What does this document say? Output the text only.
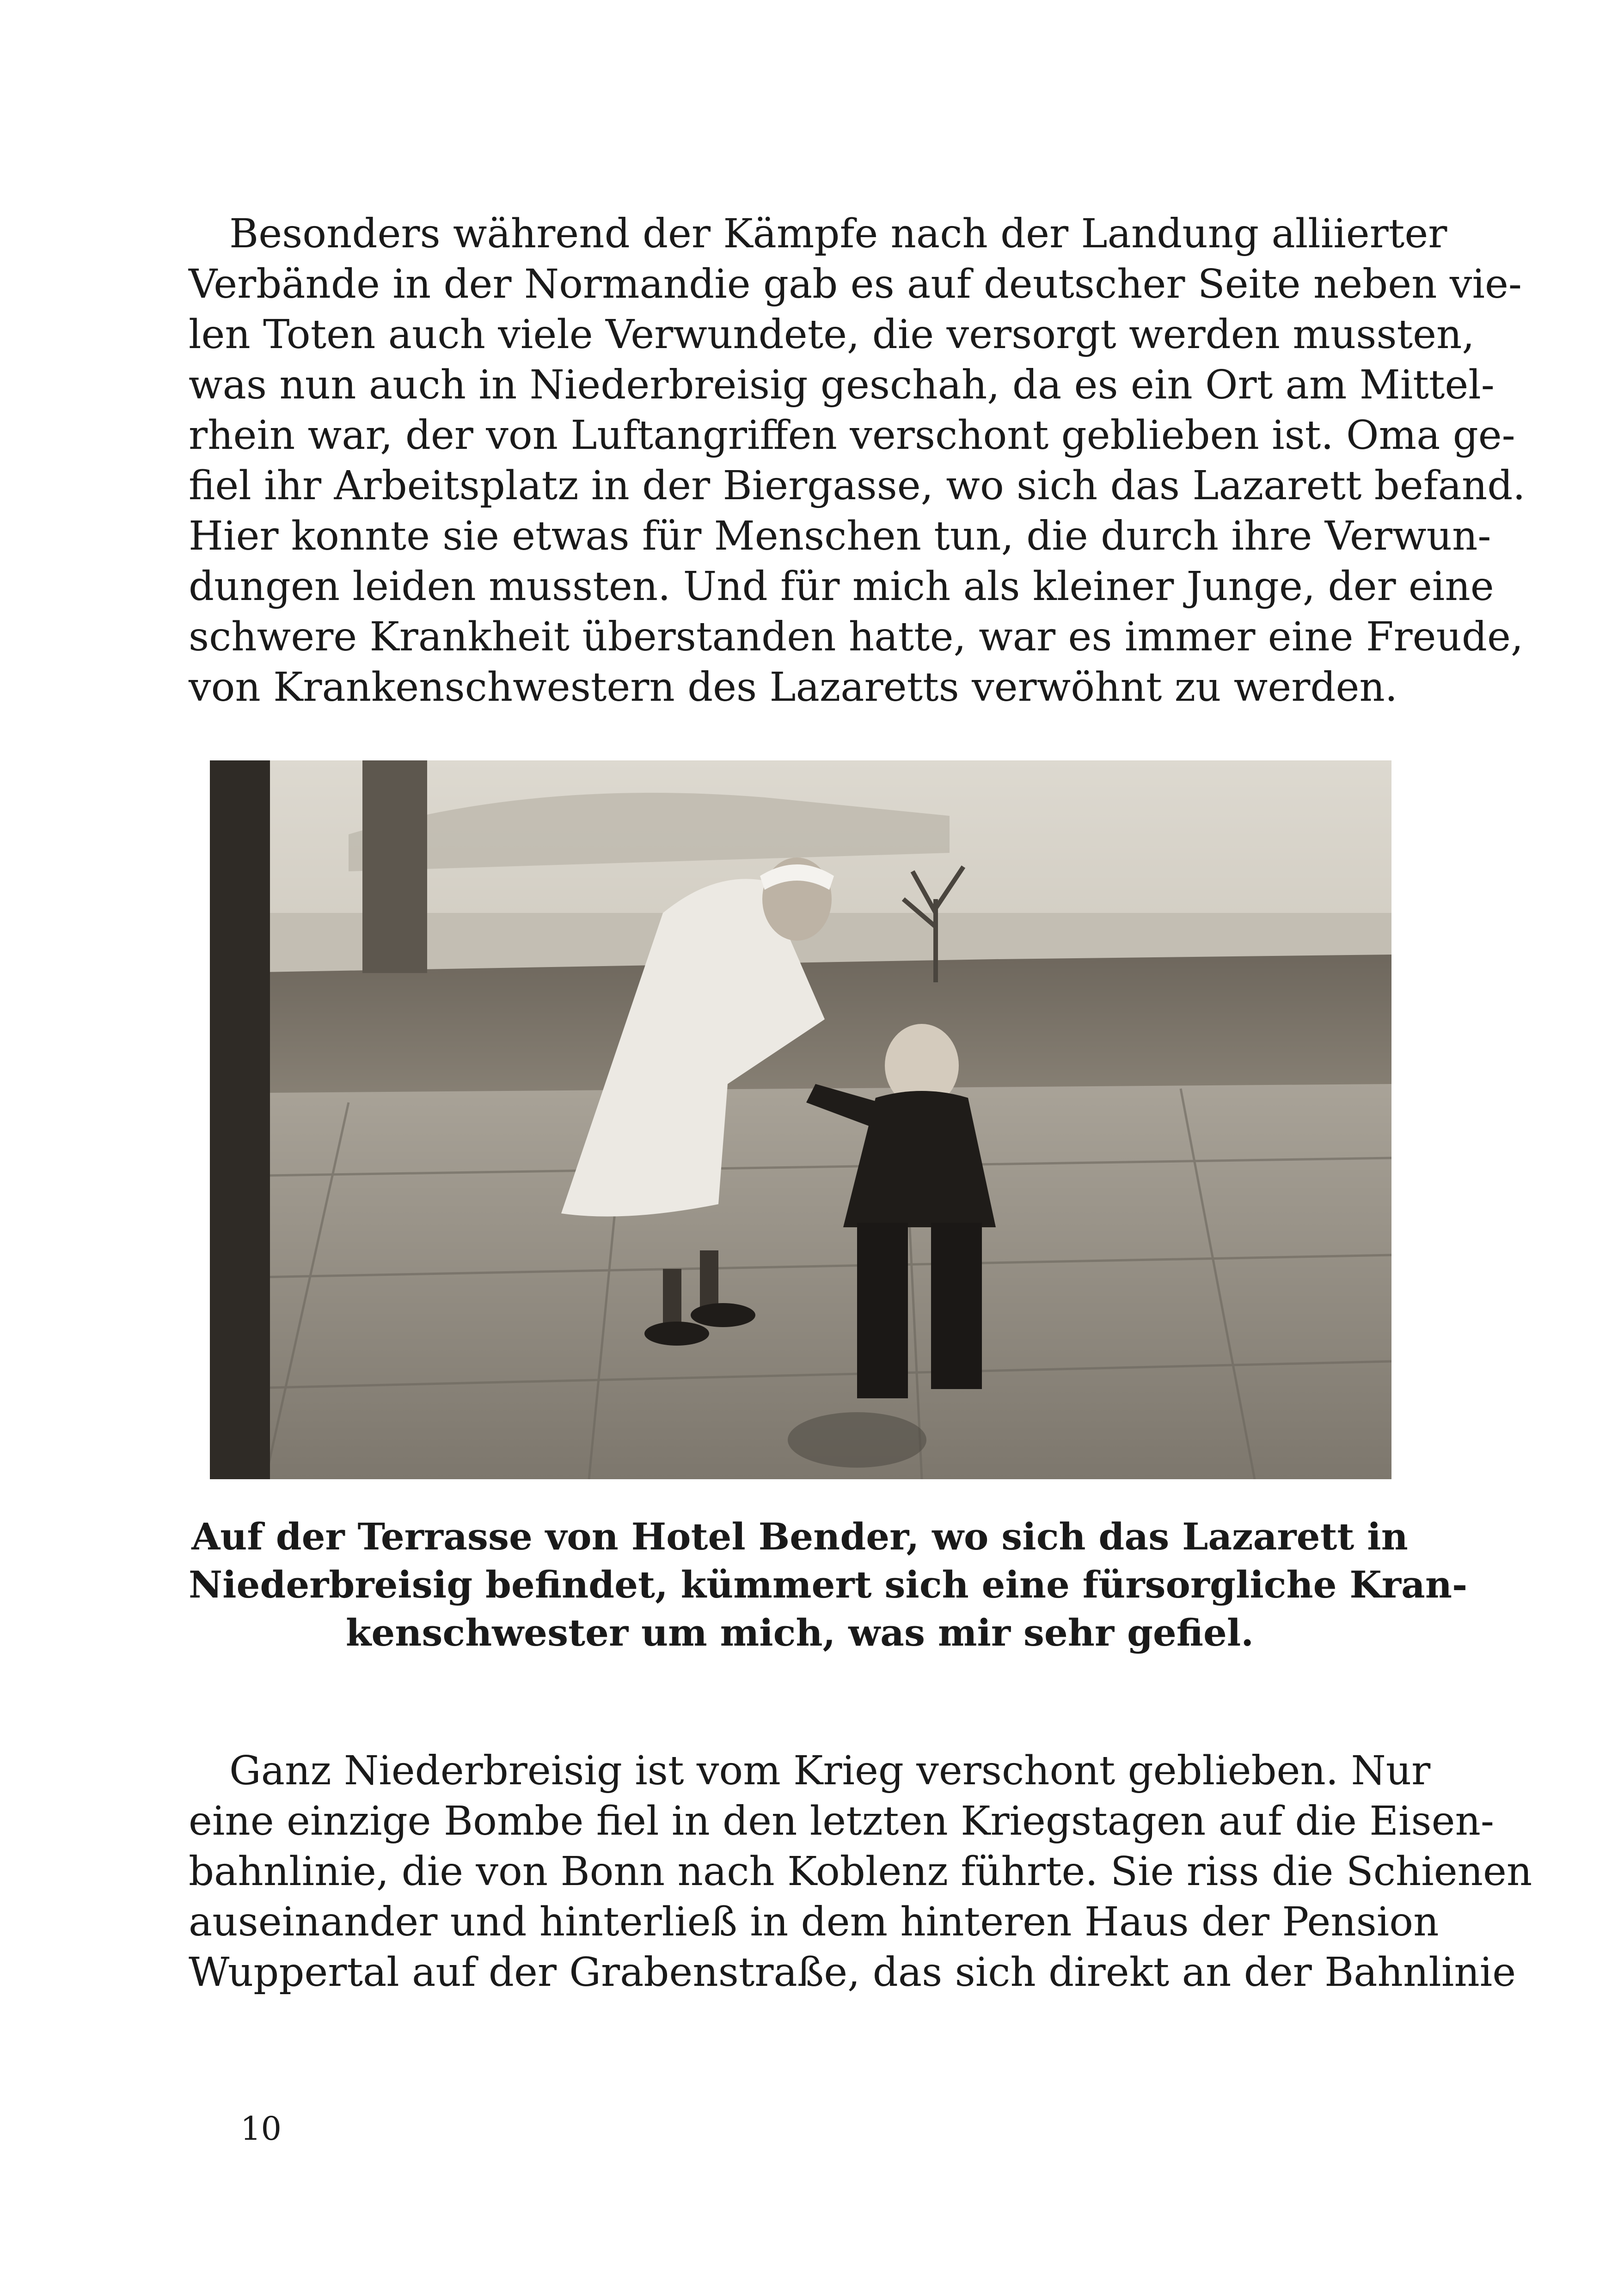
Besonders während der Kämpfe nach der Landung alliierter
Verbände in der Normandie gab es auf deutscher Seite neben vie-
len Toten auch viele Verwundete, die versorgt werden mussten,
was nun auch in Niederbreisig geschah, da es ein Ort am Mittel-
rhein war, der von Luftangriffen verschont geblieben ist. Oma ge-
fiel ihr Arbeitsplatz in der Biergasse, wo sich das Lazarett befand.
Hier konnte sie etwas für Menschen tun, die durch ihre Verwun-
dungen leiden mussten. Und für mich als kleiner Junge, der eine
schwere Krankheit überstanden hatte, war es immer eine Freude,
von Krankenschwestern des Lazaretts verwöhnt zu werden.
Auf der Terrasse von Hotel Bender, wo sich das Lazarett in
Niederbreisig befindet, kümmert sich eine fürsorgliche Kran-
kenschwester um mich, was mir sehr gefiel.
Ganz Niederbreisig ist vom Krieg verschont geblieben. Nur
eine einzige Bombe fiel in den letzten Kriegstagen auf die Eisen-
bahnlinie, die von Bonn nach Koblenz führte. Sie riss die Schienen
auseinander und hinterließ in dem hinteren Haus der Pension
Wuppertal auf der Grabenstraße, das sich direkt an der Bahnlinie
10
